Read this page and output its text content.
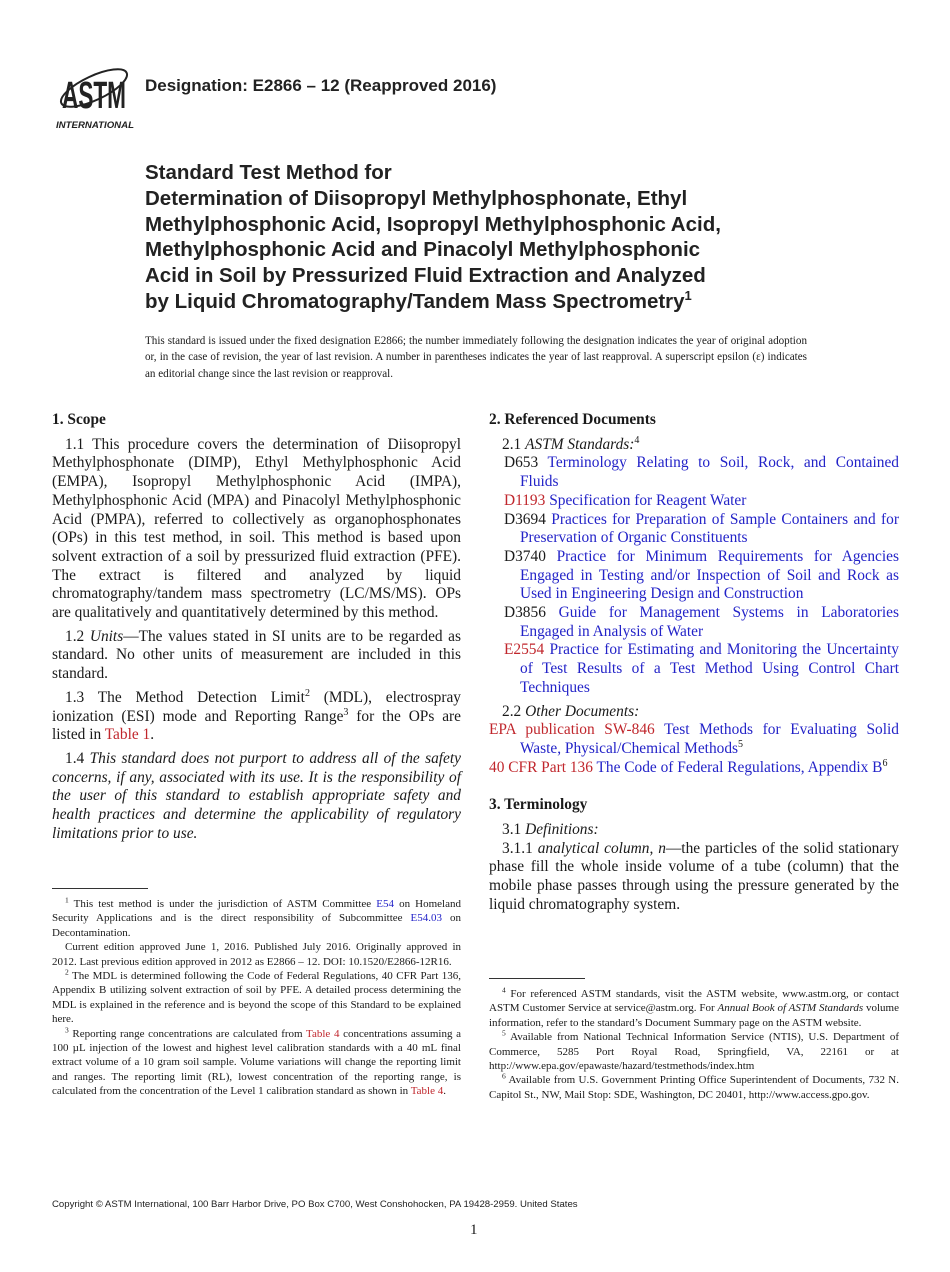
ASTM
INTERNATIONAL
Designation: E2866 – 12 (Reapproved 2016)
Standard Test Method for
Determination of Diisopropyl Methylphosphonate, Ethyl
Methylphosphonic Acid, Isopropyl Methylphosphonic Acid,
Methylphosphonic Acid and Pinacolyl Methylphosphonic
Acid in Soil by Pressurized Fluid Extraction and Analyzed
by Liquid Chromatography/Tandem Mass Spectrometry$^1$
This standard is issued under the fixed designation E2866; the number immediately following the designation indicates the year of original adoption or, in the case of revision, the year of last revision. A number in parentheses indicates the year of last reapproval. A superscript epsilon (ε) indicates an editorial change since the last revision or reapproval.
1. Scope

1.1 This procedure covers the determination of Diisopropyl Methylphosphonate (DIMP), Ethyl Methylphosphonic Acid (EMPA), Isopropyl Methylphosphonic Acid (IMPA), Methylphosphonic Acid (MPA) and Pinacolyl Methylphosphonic Acid (PMPA), referred to collectively as organophosphonates (OPs) in this test method, in soil. This method is based upon solvent extraction of a soil by pressurized fluid extraction (PFE). The extract is filtered and analyzed by liquid chromatography/tandem mass spectrometry (LC/MS/MS). OPs are qualitatively and quantitatively determined by this method.

1.2 Units—The values stated in SI units are to be regarded as standard. No other units of measurement are included in this standard.

1.3 The Method Detection Limit$^2$ (MDL), electrospray ionization (ESI) mode and Reporting Range$^3$ for the OPs are listed in Table 1.

1.4 This standard does not purport to address all of the safety concerns, if any, associated with its use. It is the responsibility of the user of this standard to establish appropriate safety and health practices and determine the applicability of regulatory limitations prior to use.

$^1$ This test method is under the jurisdiction of ASTM Committee E54 on Homeland Security Applications and is the direct responsibility of Subcommittee E54.03 on Decontamination.

Current edition approved June 1, 2016. Published July 2016. Originally approved in 2012. Last previous edition approved in 2012 as E2866 – 12. DOI: 10.1520/E2866-12R16.

$^2$ The MDL is determined following the Code of Federal Regulations, 40 CFR Part 136, Appendix B utilizing solvent extraction of soil by PFE. A detailed process determining the MDL is explained in the reference and is beyond the scope of this Standard to be explained here.

$^3$ Reporting range concentrations are calculated from Table 4 concentrations assuming a 100 µL injection of the lowest and highest level calibration standards with a 40 mL final extract volume of a 10 gram soil sample. Volume variations will change the reporting limit and ranges. The reporting limit (RL), lowest concentration of the reporting range, is calculated from the concentration of the Level 1 calibration standard as shown in Table 4.

2. Referenced Documents
2.1 ASTM Standards:$^4$
D653 Terminology Relating to Soil, Rock, and Contained Fluids
D1193 Specification for Reagent Water
D3694 Practices for Preparation of Sample Containers and for Preservation of Organic Constituents
D3740 Practice for Minimum Requirements for Agencies Engaged in Testing and/or Inspection of Soil and Rock as Used in Engineering Design and Construction
D3856 Guide for Management Systems in Laboratories Engaged in Analysis of Water
E2554 Practice for Estimating and Monitoring the Uncertainty of Test Results of a Test Method Using Control Chart Techniques
2.2 Other Documents:
EPA publication SW-846 Test Methods for Evaluating Solid Waste, Physical/Chemical Methods$^5$
40 CFR Part 136 The Code of Federal Regulations, Appendix $B^6$
3. Terminology
3.1 Definitions:

3.1.1 analytical column, n—the particles of the solid stationary phase fill the whole inside volume of a tube (column) that the mobile phase passes through using the pressure generated by the liquid chromatography system.

$^4$ For referenced ASTM standards, visit the ASTM website, www.astm.org, or contact ASTM Customer Service at service@astm.org. For Annual Book of ASTM Standards volume information, refer to the standard’s Document Summary page on the ASTM website.

$^5$ Available from National Technical Information Service (NTIS), U.S. Department of Commerce, 5285 Port Royal Road, Springfield, VA, 22161 or at http://www.epa.gov/epawaste/hazard/testmethods/index.htm

$^6$ Available from U.S. Government Printing Office Superintendent of Documents, 732 N. Capitol St., NW, Mail Stop: SDE, Washington, DC 20401, http://www.access.gpo.gov.

Copyright © ASTM International, 100 Barr Harbor Drive, PO Box C700, West Conshohocken, PA 19428-2959. United States
1
